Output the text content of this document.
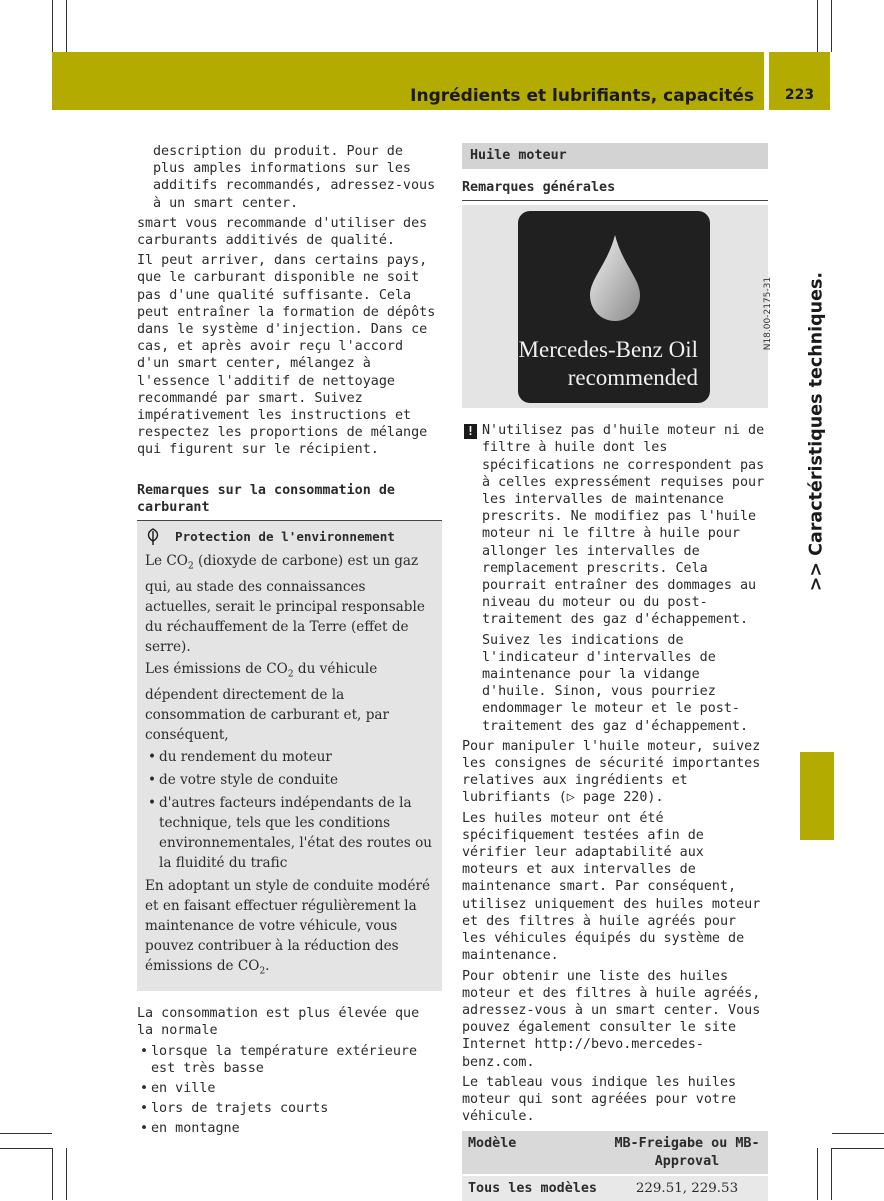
Ingrédients et lubrifiants, capacités	223
>> Caractéristiques techniques.

description du produit. Pour de plus amples informations sur les additifs recommandés, adressez-vous à un smart center.

smart vous recommande d'utiliser des carburants additivés de qualité.

Il peut arriver, dans certains pays, que le carburant disponible ne soit pas d'une qualité suffisante. Cela peut entraîner la formation de dépôts dans le système d'injection. Dans ce cas, et après avoir reçu l'accord d'un smart center, mélangez à l'essence l'additif de nettoyage recommandé par smart. Suivez impérativement les instructions et respectez les proportions de mélange qui figurent sur le récipient.

Remarques sur la consommation de carburant

Protection de l'environnement

Le $CO_2$ (dioxyde de carbone) est un gaz qui, au stade des connaissances actuelles, serait le principal responsable du réchauffement de la Terre (effet de serre).

Les émissions de $CO_2$ du véhicule dépendent directement de la consommation de carburant et, par conséquent,

• du rendement du moteur
• de votre style de conduite
• d'autres facteurs indépendants de la technique, tels que les conditions environnementales, l'état des routes ou la fluidité du trafic

En adoptant un style de conduite modéré et en faisant effectuer régulièrement la maintenance de votre véhicule, vous pouvez contribuer à la réduction des émissions de $CO_2$.

La consommation est plus élevée que la normale

• lorsque la température extérieure est très basse
• en ville
• lors de trajets courts
• en montagne
Huile moteur

Remarques générales

Mercedes-Benz Oil
recommended
N18.00-2175-31
! N'utilisez pas d'huile moteur ni de filtre à huile dont les spécifications ne correspondent pas à celles expressément requises pour les intervalles de maintenance prescrits. Ne modifiez pas l'huile moteur ni le filtre à huile pour allonger les intervalles de remplacement prescrits. Cela pourrait entraîner des dommages au niveau du moteur ou du post-traitement des gaz d'échappement.

Suivez les indications de l'indicateur d'intervalles de maintenance pour la vidange d'huile. Sinon, vous pourriez endommager le moteur et le post-traitement des gaz d'échappement.

Pour manipuler l'huile moteur, suivez les consignes de sécurité importantes relatives aux ingrédients et lubrifiants (▷ page 220).

Les huiles moteur ont été spécifiquement testées afin de vérifier leur adaptabilité aux moteurs et aux intervalles de maintenance smart. Par conséquent, utilisez uniquement des huiles moteur et des filtres à huile agréés pour les véhicules équipés du système de maintenance.

Pour obtenir une liste des huiles moteur et des filtres à huile agréés, adressez-vous à un smart center. Vous pouvez également consulter le site Internet http://bevo.mercedes-benz.com.

Le tableau vous indique les huiles moteur qui sont agréées pour votre véhicule.

Modèle	MB-Freigabe ou MB-Approval
Tous les modèles	229.51, 229.53
